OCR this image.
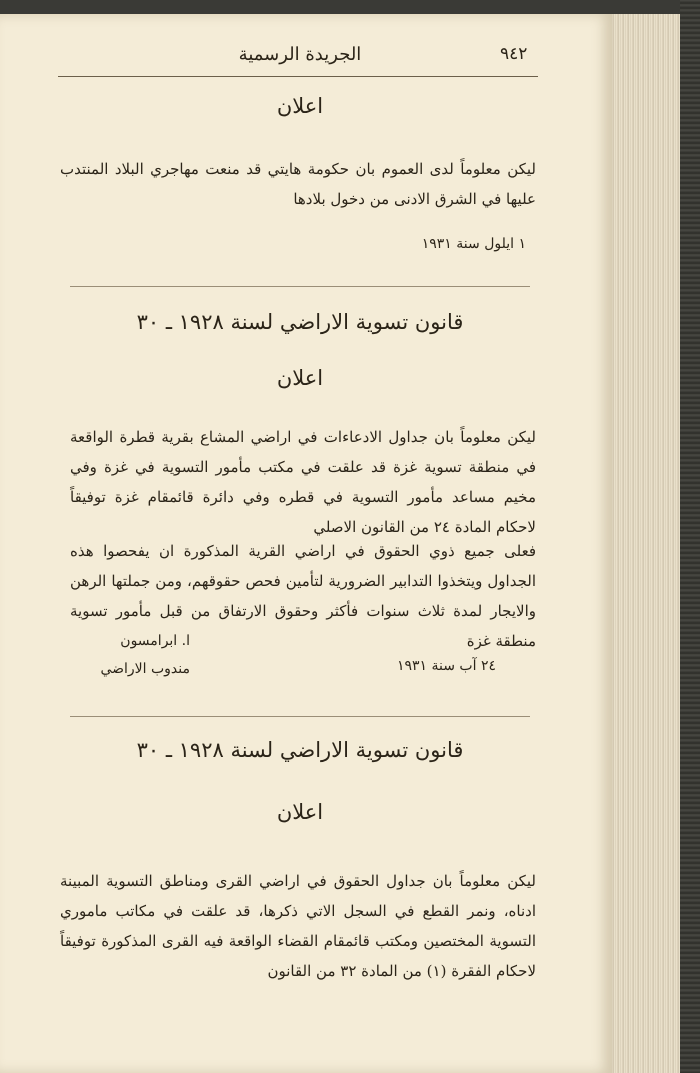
الجريدة الرسمية	٩٤٢

اعلان

ليكن معلوماً لدى العموم بان حكومة هايتي قد منعت مهاجري البلاد المنتدب عليها في الشرق الادنى من دخول بلادها

١ ايلول سنة ١٩٣١

قانون تسوية الاراضي لسنة ١٩٢٨ ـ ٣٠

اعلان

ليكن معلوماً بان جداول الادعاءات في اراضي المشاع بقرية قطرة الواقعة في منطقة تسوية غزة قد علقت في مكتب مأمور التسوية في غزة وفي مخيم مساعد مأمور التسوية في قطره وفي دائرة قائمقام غزة توفيقاً لاحكام المادة ٢٤ من القانون الاصلي

فعلى جميع ذوي الحقوق في اراضي القرية المذكورة ان يفحصوا هذه الجداول ويتخذوا التدابير الضرورية لتأمين فحص حقوقهم، ومن جملتها الرهن والايجار لمدة ثلاث سنوات فأكثر وحقوق الارتفاق من قبل مأمور تسوية منطقة غزة

٢٤ آب سنة ١٩٣١

ا. ابرامسون

مندوب الاراضي

قانون تسوية الاراضي لسنة ١٩٢٨ ـ ٣٠

اعلان

ليكن معلوماً بان جداول الحقوق في اراضي القرى ومناطق التسوية المبينة ادناه، ونمر القطع في السجل الاتي ذكرها، قد علقت في مكاتب ماموري التسوية المختصين ومكتب قائمقام القضاء الواقعة فيه القرى المذكورة توفيقاً لاحكام الفقرة (١) من المادة ٣٢ من القانون
